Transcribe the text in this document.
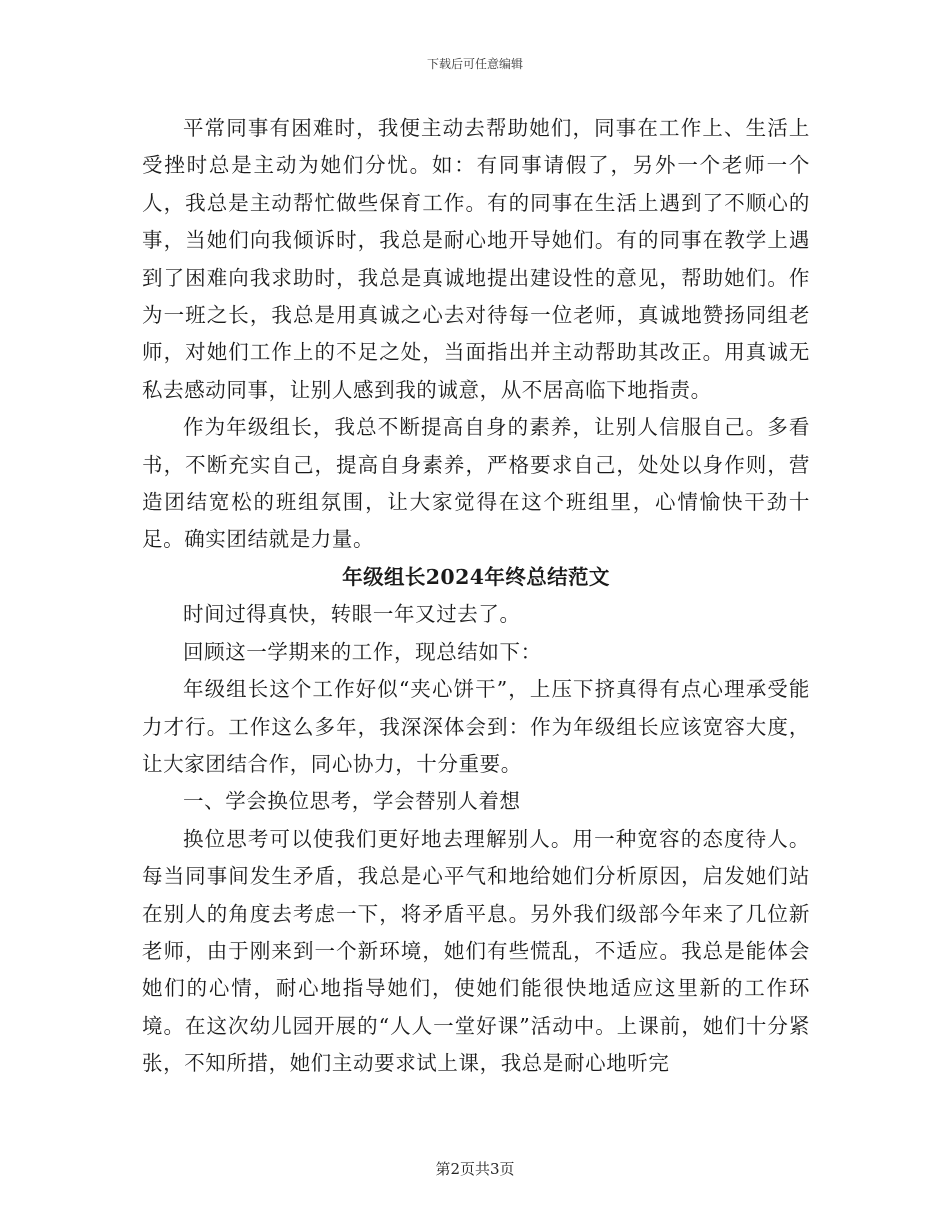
下载后可任意编辑

平常同事有困难时，我便主动去帮助她们，同事在工作上、生活上受挫时总是主动为她们分忧。如：有同事请假了，另外一个老师一个人，我总是主动帮忙做些保育工作。有的同事在生活上遇到了不顺心的事，当她们向我倾诉时，我总是耐心地开导她们。有的同事在教学上遇到了困难向我求助时，我总是真诚地提出建设性的意见，帮助她们。作为一班之长，我总是用真诚之心去对待每一位老师，真诚地赞扬同组老师，对她们工作上的不足之处，当面指出并主动帮助其改正。用真诚无私去感动同事，让别人感到我的诚意，从不居高临下地指责。

作为年级组长，我总不断提高自身的素养，让别人信服自己。多看书，不断充实自己，提高自身素养，严格要求自己，处处以身作则，营造团结宽松的班组氛围，让大家觉得在这个班组里，心情愉快干劲十足。确实团结就是力量。

年级组长2024年终总结范文

时间过得真快，转眼一年又过去了。

回顾这一学期来的工作，现总结如下：

年级组长这个工作好似“夹心饼干”，上压下挤真得有点心理承受能力才行。工作这么多年，我深深体会到：作为年级组长应该宽容大度，让大家团结合作，同心协力，十分重要。

一、学会换位思考，学会替别人着想

换位思考可以使我们更好地去理解别人。用一种宽容的态度待人。每当同事间发生矛盾，我总是心平气和地给她们分析原因，启发她们站在别人的角度去考虑一下，将矛盾平息。另外我们级部今年来了几位新老师，由于刚来到一个新环境，她们有些慌乱，不适应。我总是能体会她们的心情，耐心地指导她们，使她们能很快地适应这里新的工作环境。在这次幼儿园开展的“人人一堂好课”活动中。上课前，她们十分紧张，不知所措，她们主动要求试上课，我总是耐心地听完

第2页共3页
